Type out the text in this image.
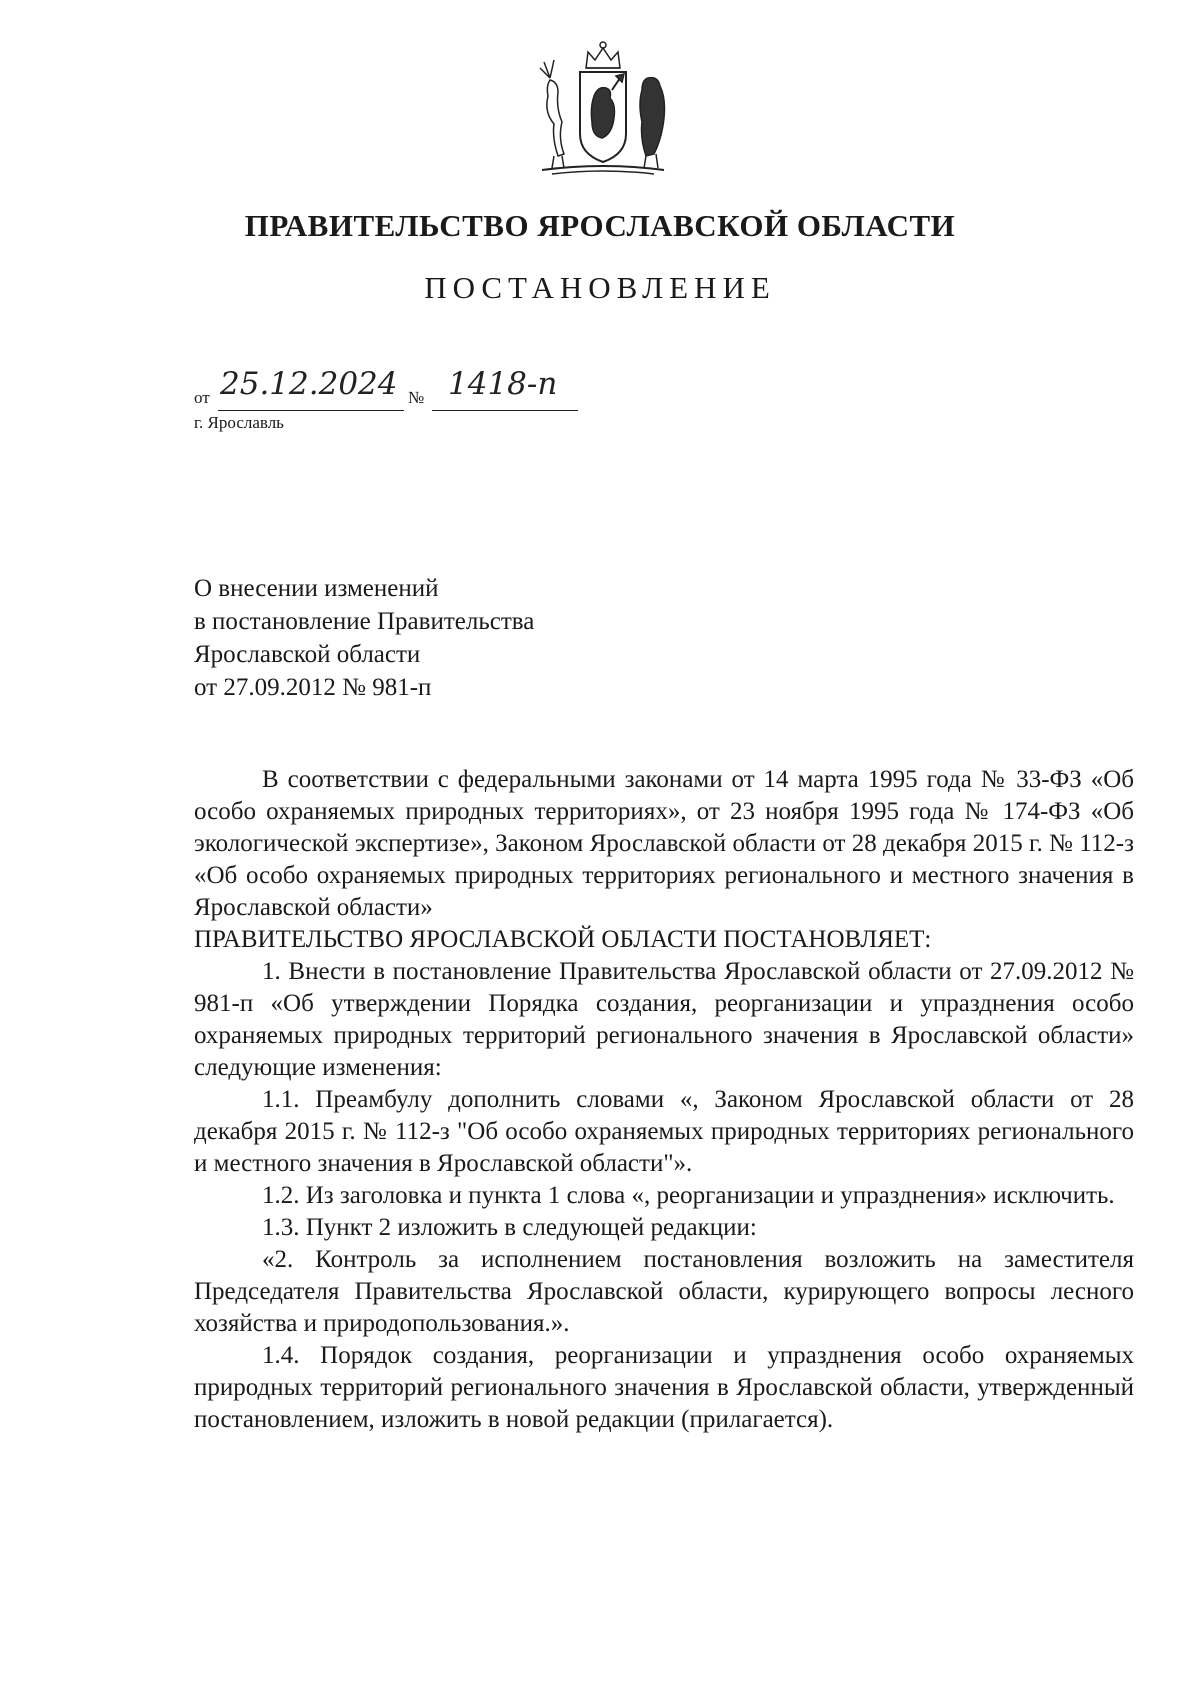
ПРАВИТЕЛЬСТВО ЯРОСЛАВСКОЙ ОБЛАСТИ
ПОСТАНОВЛЕНИЕ
от 25.12.2024 № 1418-п
г. Ярославль
О внесении изменений
в постановление Правительства
Ярославской области
от 27.09.2012 № 981-п

В соответствии с федеральными законами от 14 марта 1995 года № 33-ФЗ «Об особо охраняемых природных территориях», от 23 ноября 1995 года № 174-ФЗ «Об экологической экспертизе», Законом Ярославской области от 28 декабря 2015 г. № 112-з «Об особо охраняемых природных территориях регионального и местного значения в Ярославской области»

ПРАВИТЕЛЬСТВО ЯРОСЛАВСКОЙ ОБЛАСТИ ПОСТАНОВЛЯЕТ:

1. Внести в постановление Правительства Ярославской области от 27.09.2012 № 981-п «Об утверждении Порядка создания, реорганизации и упразднения особо охраняемых природных территорий регионального значения в Ярославской области» следующие изменения:

1.1. Преамбулу дополнить словами «, Законом Ярославской области от 28 декабря 2015 г. № 112-з "Об особо охраняемых природных территориях регионального и местного значения в Ярославской области"».

1.2. Из заголовка и пункта 1 слова «, реорганизации и упразднения» исключить.

1.3. Пункт 2 изложить в следующей редакции:

«2. Контроль за исполнением постановления возложить на заместителя Председателя Правительства Ярославской области, курирующего вопросы лесного хозяйства и природопользования.».

1.4. Порядок создания, реорганизации и упразднения особо охраняемых природных территорий регионального значения в Ярославской области, утвержденный постановлением, изложить в новой редакции (прилагается).
